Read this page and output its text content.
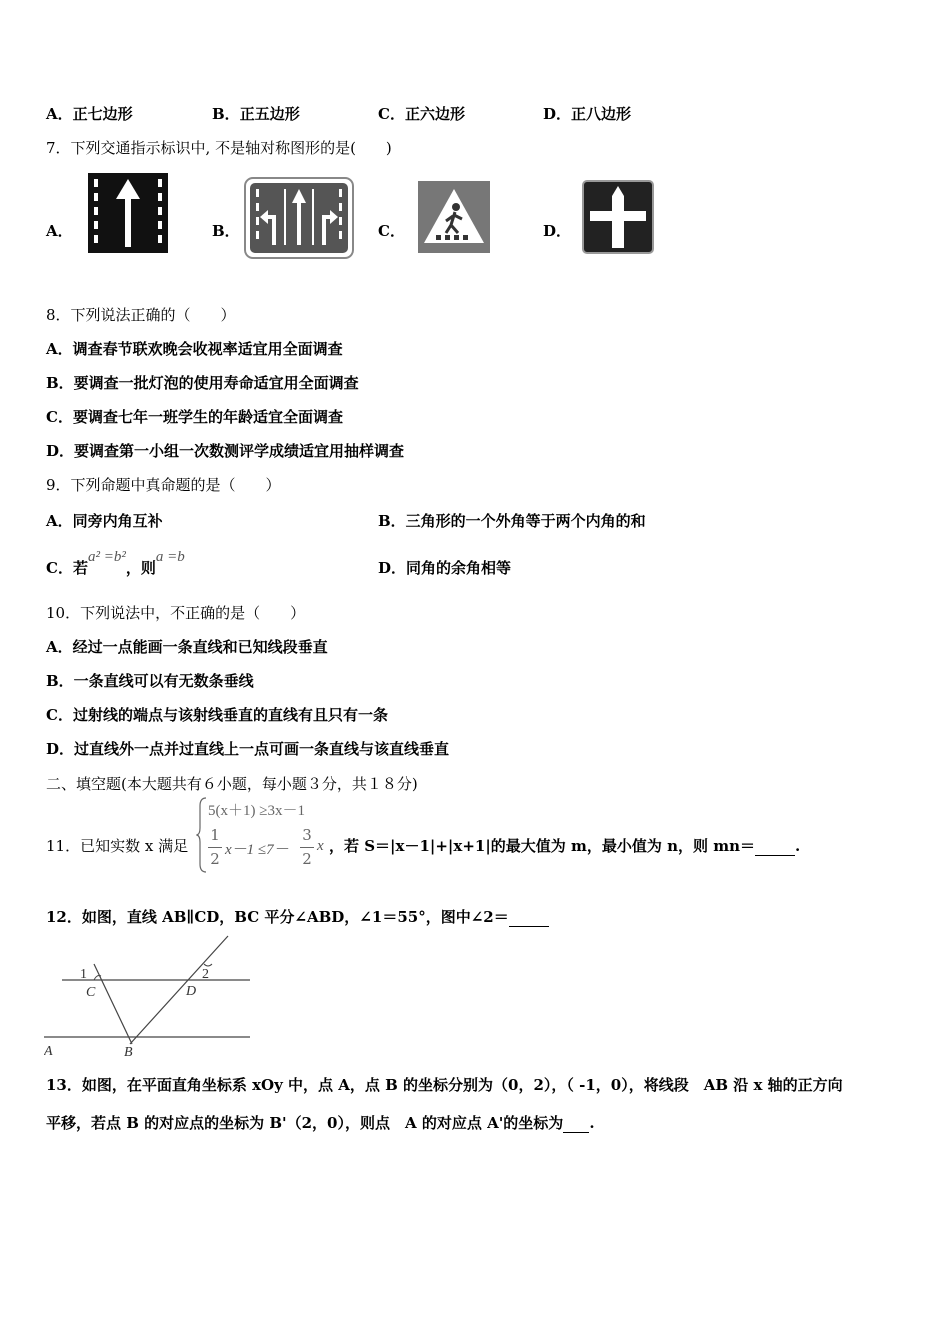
A．正七边形	B．正五边形	C．正六边形	D．正八边形
7．下列交通指示标识中, 不是轴对称图形的是(　　)
A．	B．	C．	D．
8．下列说法正确的（　　）
A．调查春节联欢晚会收视率适宜用全面调查
B．要调查一批灯泡的使用寿命适宜用全面调查
C．要调查七年一班学生的年龄适宜全面调查
D．要调查第一小组一次数测评学成绩适宜用抽样调查
9．下列命题中真命题的是（　　）
A．同旁内角互补	B．三角形的一个外角等于两个内角的和
C．若a² =b²，则a =b
D．同角的余角相等
10．下列说法中，不正确的是（　　）
A．经过一点能画一条直线和已知线段垂直
B．一条直线可以有无数条垂线
C．过射线的端点与该射线垂直的直线有且只有一条
D．过直线外一点并过直线上一点可画一条直线与该直线垂直
二、填空题(本大题共有６小题，每小题３分，共１８分)
11．已知实数 x 满足
5(x＋1) ≥3x－1
1
2 x－1 ≤7－
3
2
x ，若 S＝|x－1|+|x+1|的最大值为 m，最小值为 n，则 mn＝	.
12．如图，直线 AB∥CD，BC 平分∠ABD，∠1＝55°，图中∠2＝
1	2
C	D
A	B
13．如图，在平面直角坐标系 xOy 中，点 A，点 B 的坐标分别为（0，2），（ -1，0），将线段　AB 沿 x 轴的正方向
平移，若点 B 的对应点的坐标为 B'（2，0），则点　A 的对应点 A'的坐标为 .
